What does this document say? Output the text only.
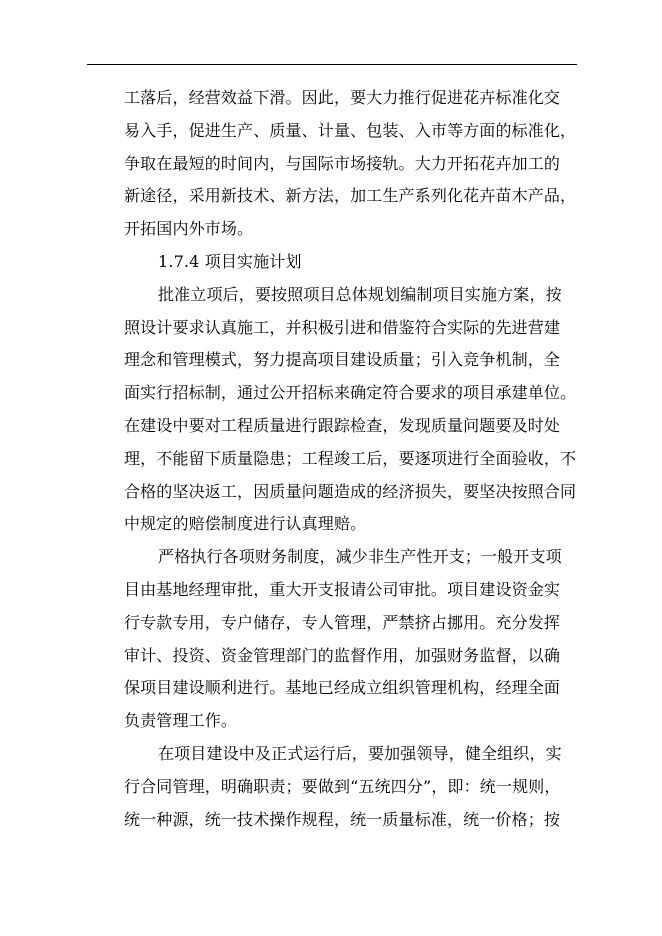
工落后，经营效益下滑。因此，要大力推行促进花卉标准化交
易入手，促进生产、质量、计量、包装、入市等方面的标准化，
争取在最短的时间内，与国际市场接轨。大力开拓花卉加工的
新途径，采用新技术、新方法，加工生产系列化花卉苗木产品，
开拓国内外市场。
1.7.4 项目实施计划
批准立项后，要按照项目总体规划编制项目实施方案，按
照设计要求认真施工，并积极引进和借鉴符合实际的先进营建
理念和管理模式，努力提高项目建设质量；引入竞争机制，全
面实行招标制，通过公开招标来确定符合要求的项目承建单位。
在建设中要对工程质量进行跟踪检查，发现质量问题要及时处
理，不能留下质量隐患；工程竣工后，要逐项进行全面验收，不
合格的坚决返工，因质量问题造成的经济损失，要坚决按照合同
中规定的赔偿制度进行认真理赔。
严格执行各项财务制度，减少非生产性开支；一般开支项
目由基地经理审批，重大开支报请公司审批。项目建设资金实
行专款专用，专户储存，专人管理，严禁挤占挪用。充分发挥
审计、投资、资金管理部门的监督作用，加强财务监督，以确
保项目建设顺利进行。基地已经成立组织管理机构，经理全面
负责管理工作。
在项目建设中及正式运行后，要加强领导，健全组织，实
行合同管理，明确职责；要做到“五统四分”，即：统一规则，
统一种源，统一技术操作规程，统一质量标准，统一价格；按
